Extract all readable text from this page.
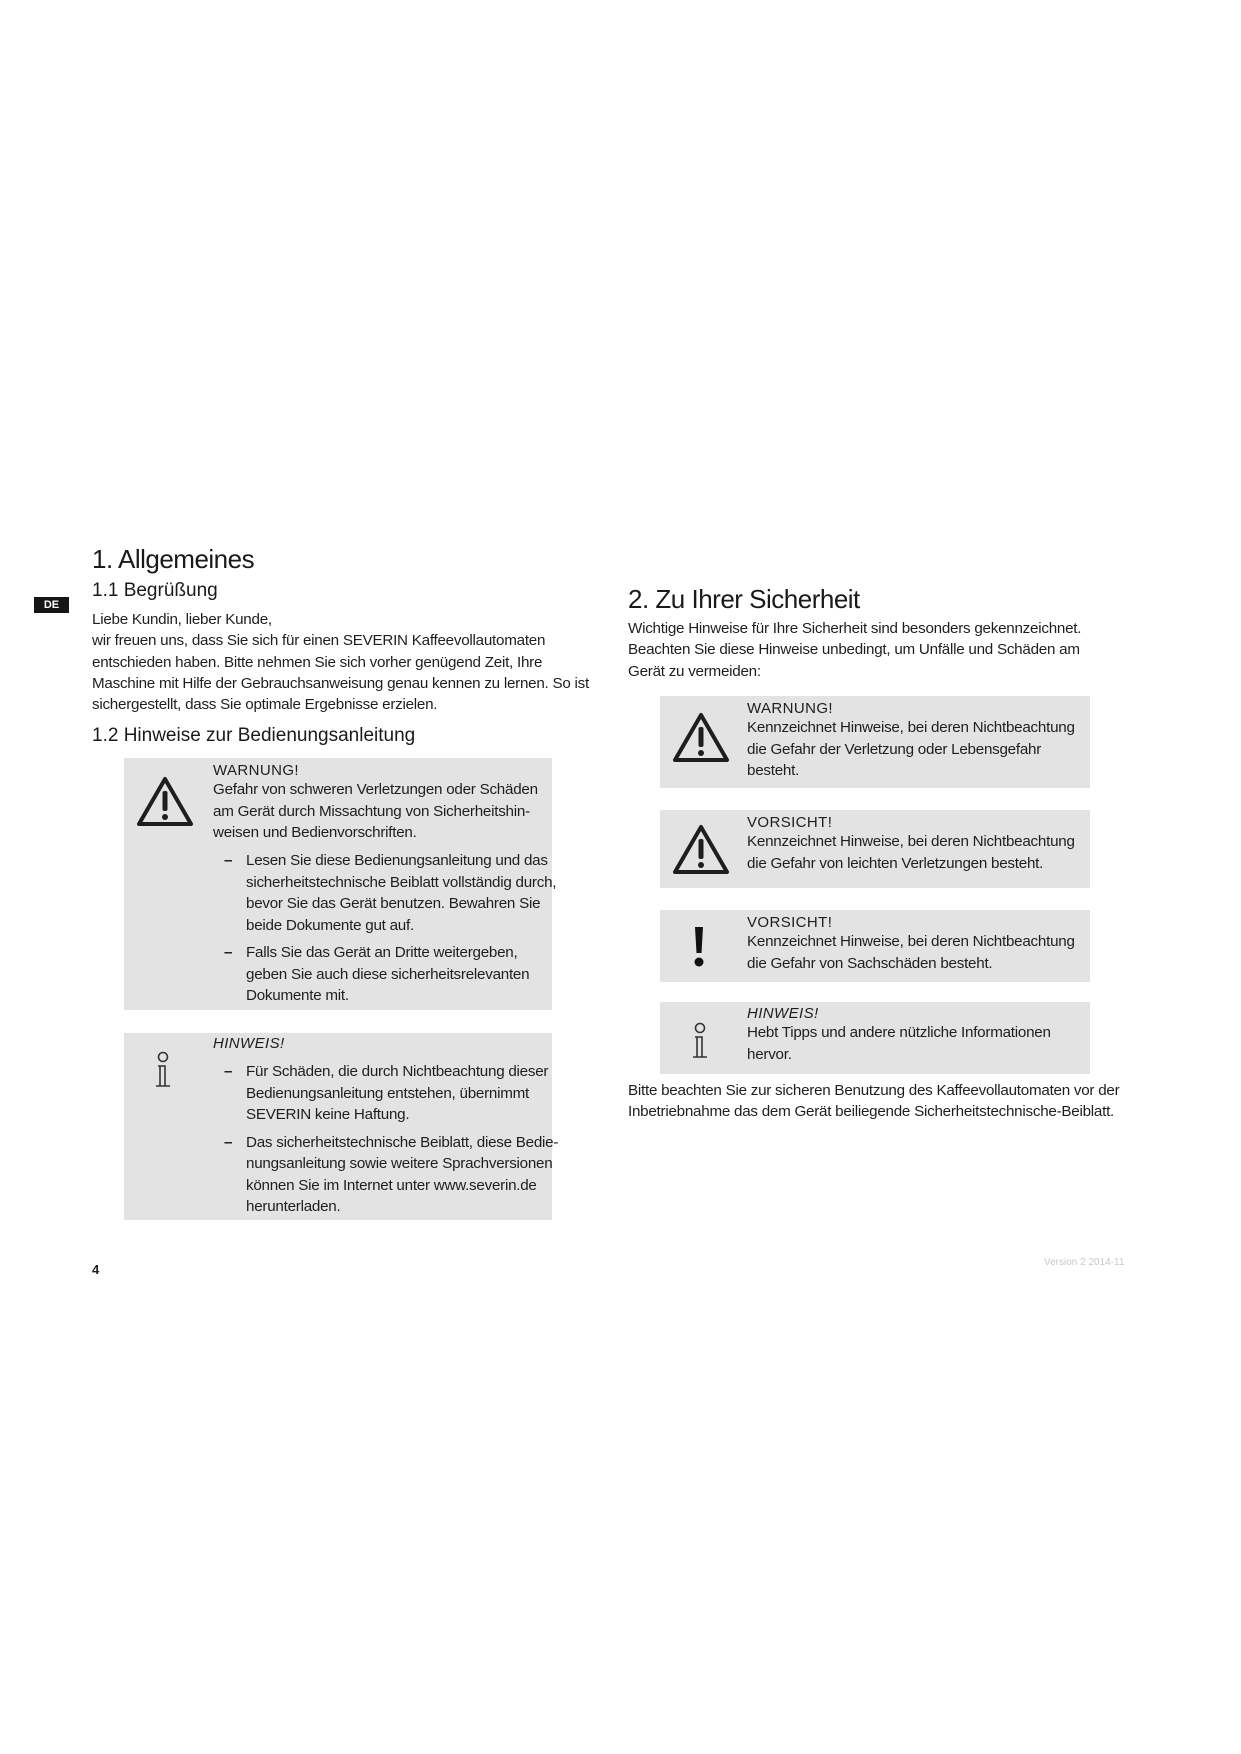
DE
1. Allgemeines
1.1 Begrüßung
Liebe Kundin, lieber Kunde,
wir freuen uns, dass Sie sich für einen SEVERIN Kaffeevollautomaten
entschieden haben. Bitte nehmen Sie sich vorher genügend Zeit, Ihre
Maschine mit Hilfe der Gebrauchsanweisung genau kennen zu lernen. So ist
sichergestellt, dass Sie optimale Ergebnisse erzielen.
1.2 Hinweise zur Bedienungsanleitung

WARNUNG!

Gefahr von schweren Verletzungen oder Schäden
am Gerät durch Missachtung von Sicherheitshin-
weisen und Bedienvorschriften.

– Lesen Sie diese Bedienungsanleitung und das
sicherheitstechnische Beiblatt vollständig durch,
bevor Sie das Gerät benutzen. Bewahren Sie
beide Dokumente gut auf.
– Falls Sie das Gerät an Dritte weitergeben,
geben Sie auch diese sicherheitsrelevanten
Dokumente mit.

HINWEIS!

– Für Schäden, die durch Nichtbeachtung dieser
Bedienungsanleitung entstehen, übernimmt
SEVERIN keine Haftung.
– Das sicherheitstechnische Beiblatt, diese Bedie-
nungsanleitung sowie weitere Sprachversionen
können Sie im Internet unter www.severin.de
herunterladen.
2. Zu Ihrer Sicherheit
Wichtige Hinweise für Ihre Sicherheit sind besonders gekennzeichnet.
Beachten Sie diese Hinweise unbedingt, um Unfälle und Schäden am
Gerät zu vermeiden:

WARNUNG!

Kennzeichnet Hinweise, bei deren Nichtbeachtung
die Gefahr der Verletzung oder Lebensgefahr
besteht.

VORSICHT!

Kennzeichnet Hinweise, bei deren Nichtbeachtung
die Gefahr von leichten Verletzungen besteht.

VORSICHT!

Kennzeichnet Hinweise, bei deren Nichtbeachtung
die Gefahr von Sachschäden besteht.

HINWEIS!

Hebt Tipps und andere nützliche Informationen
hervor.

Bitte beachten Sie zur sicheren Benutzung des Kaffeevollautomaten vor der
Inbetriebnahme das dem Gerät beiliegende Sicherheitstechnische-Beiblatt.
4	Version 2 2014-11
